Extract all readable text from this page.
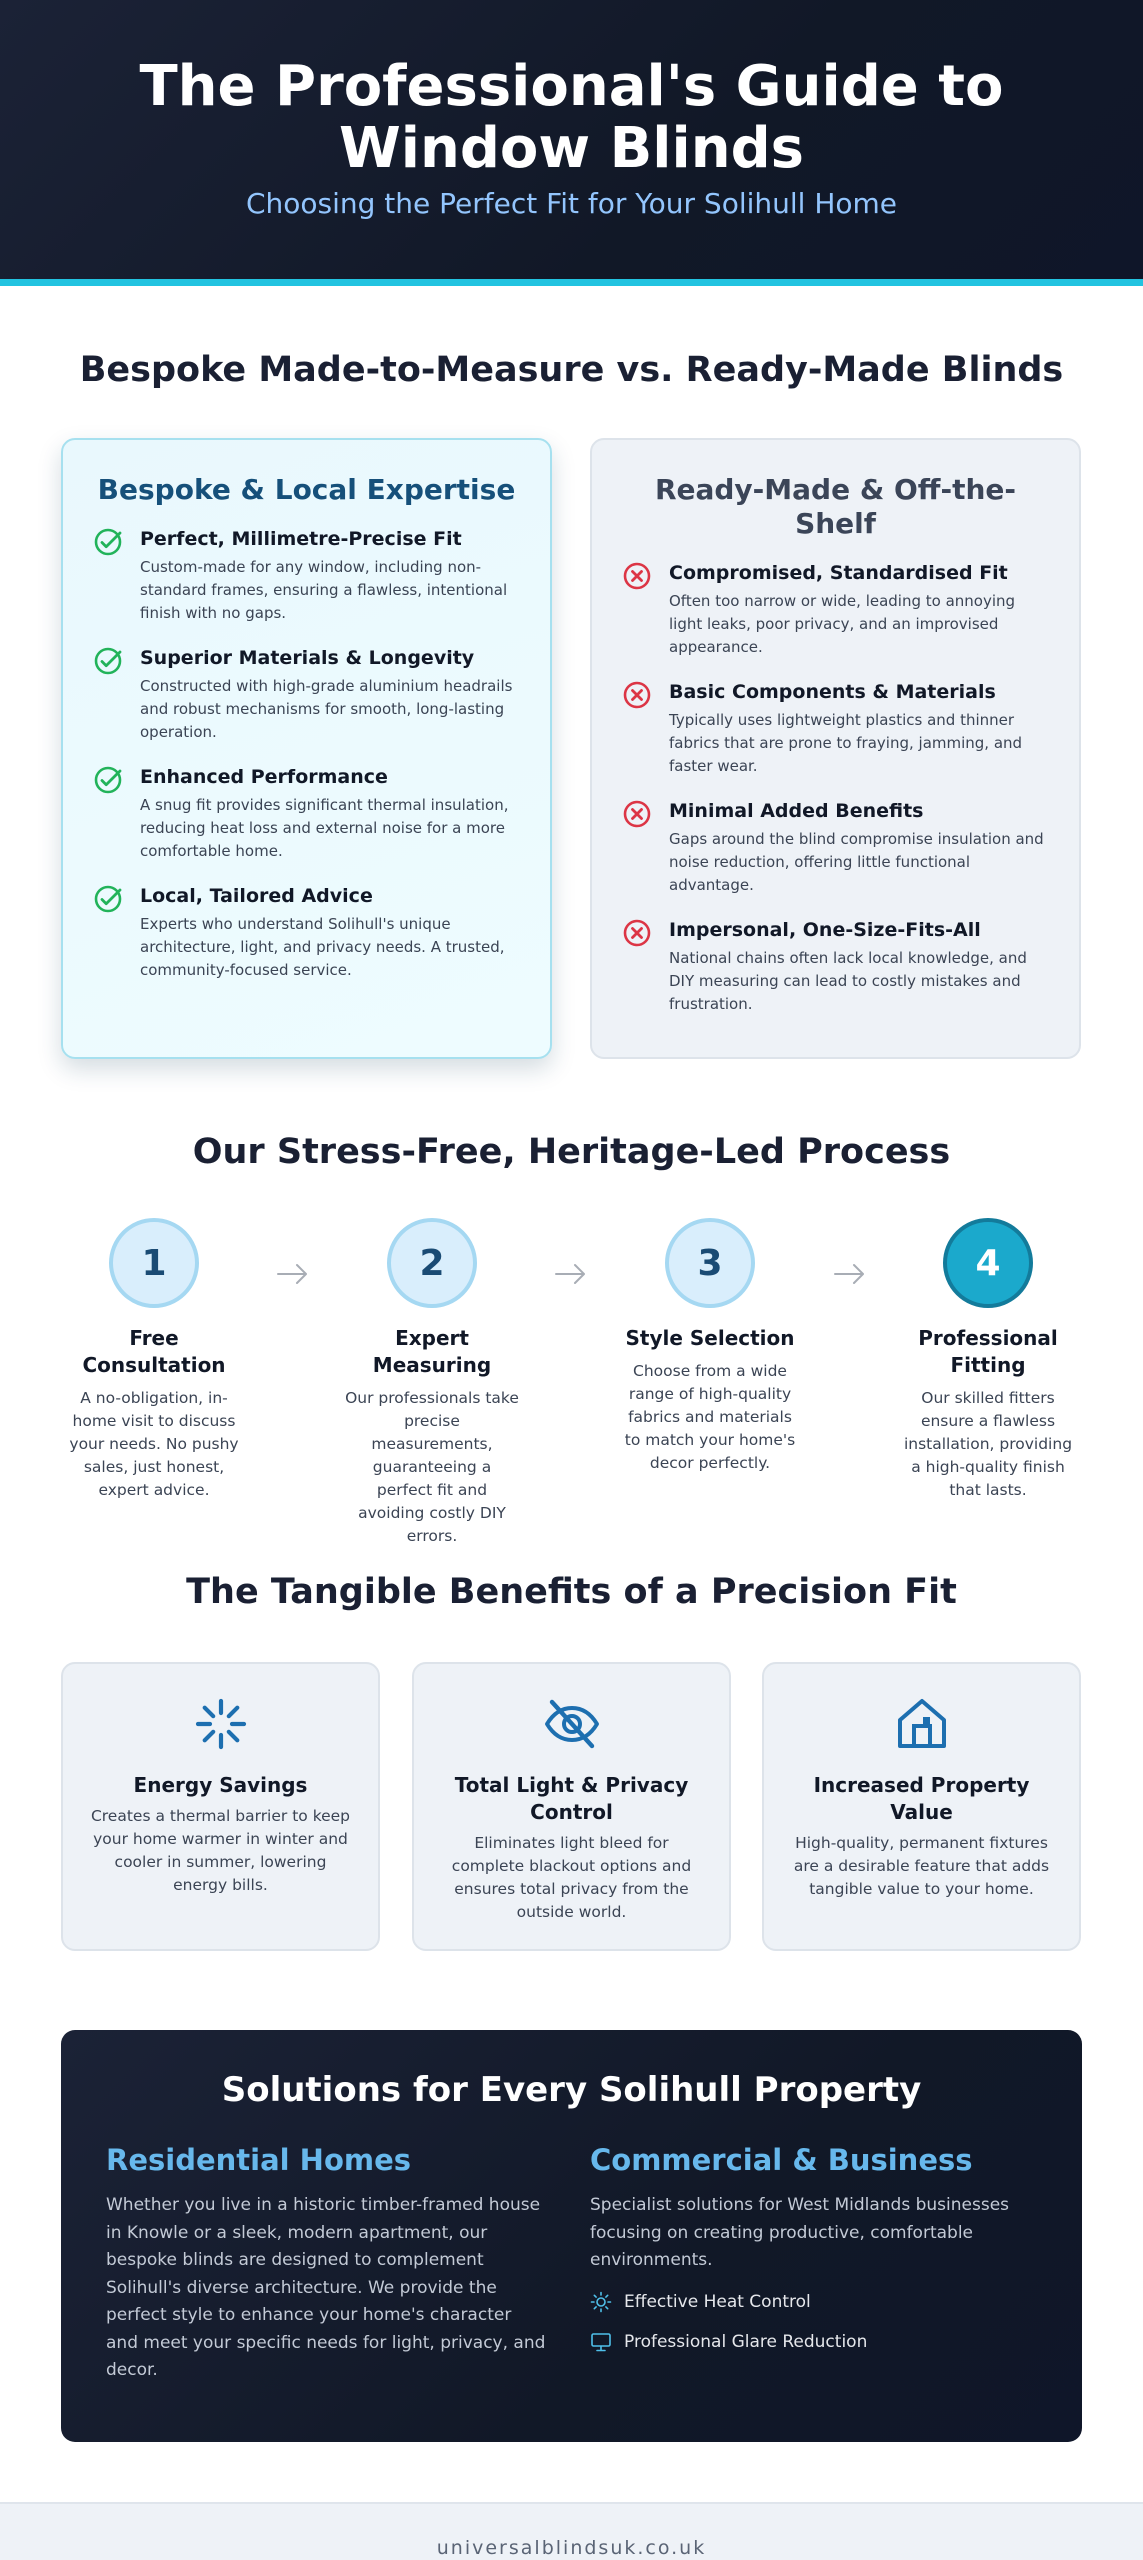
The Professional's Guide to Window Blinds
Choosing the Perfect Fit for Your Solihull Home
Bespoke Made-to-Measure vs. Ready-Made Blinds
Bespoke & Local Expertise
Perfect, Millimetre-Precise Fit
Custom-made for any window, including non-standard frames, ensuring a flawless, intentional finish with no gaps.
Superior Materials & Longevity
Constructed with high-grade aluminium headrails and robust mechanisms for smooth, long-lasting operation.
Enhanced Performance
A snug fit provides significant thermal insulation, reducing heat loss and external noise for a more comfortable home.
Local, Tailored Advice
Experts who understand Solihull's unique architecture, light, and privacy needs. A trusted, community-focused service.
Ready-Made & Off-the-Shelf
Compromised, Standardised Fit
Often too narrow or wide, leading to annoying light leaks, poor privacy, and an improvised appearance.
Basic Components & Materials
Typically uses lightweight plastics and thinner fabrics that are prone to fraying, jamming, and faster wear.
Minimal Added Benefits
Gaps around the blind compromise insulation and noise reduction, offering little functional advantage.
Impersonal, One-Size-Fits-All
National chains often lack local knowledge, and DIY measuring can lead to costly mistakes and frustration.
Our Stress-Free, Heritage-Led Process
1
Free Consultation
A no-obligation, in-home visit to discuss your needs. No pushy sales, just honest, expert advice.
2
Expert Measuring
Our professionals take precise measurements, guaranteeing a perfect fit and avoiding costly DIY errors.
3
Style Selection
Choose from a wide range of high-quality fabrics and materials to match your home's decor perfectly.
4
Professional Fitting
Our skilled fitters ensure a flawless installation, providing a high-quality finish that lasts.
The Tangible Benefits of a Precision Fit
Energy Savings
Creates a thermal barrier to keep your home warmer in winter and cooler in summer, lowering energy bills.
Total Light & Privacy Control
Eliminates light bleed for complete blackout options and ensures total privacy from the outside world.
Increased Property Value
High-quality, permanent fixtures are a desirable feature that adds tangible value to your home.
Solutions for Every Solihull Property
Residential Homes

Whether you live in a historic timber-framed house in Knowle or a sleek, modern apartment, our bespoke blinds are designed to complement Solihull's diverse architecture. We provide the perfect style to enhance your home's character and meet your specific needs for light, privacy, and decor.

Commercial & Business

Specialist solutions for West Midlands businesses focusing on creating productive, comfortable environments.

Effective Heat Control
Professional Glare Reduction
universalblindsuk.co.uk
